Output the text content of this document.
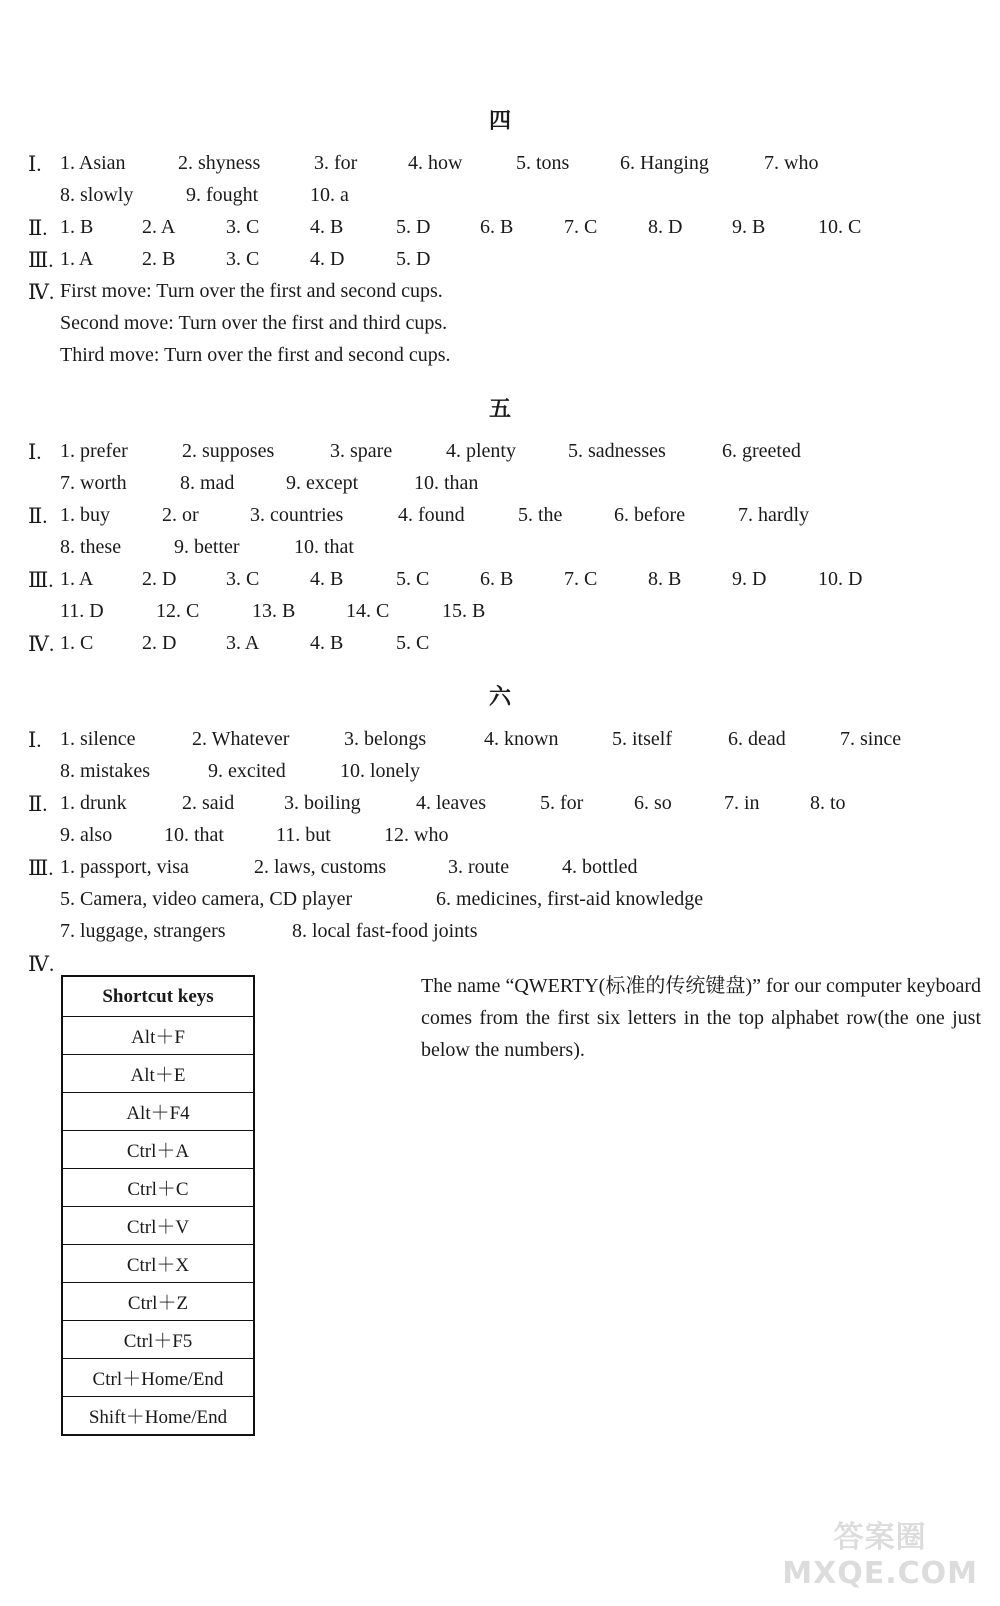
四
Ⅰ. 1. Asian	2. shyness	3. for	4. how	5. tons	6. Hanging	7. who
8. slowly	9. fought	10. a
Ⅱ. 1. B 2. A	3. C	4. B	5. D 6. B	7. C	8. D 9. B	10. C
Ⅲ. 1. A 2. B	3. C	4. D	5. D
Ⅳ. First move: Turn over the first and second cups.
Second move: Turn over the first and third cups.
Third move: Turn over the first and second cups.
五
Ⅰ. 1. prefer	2. supposes	3. spare	4. plenty	5. sadnesses	6. greeted
7. worth	8. mad	9. except	10. than
Ⅱ. 1. buy	2. or	3. countries	4. found	5. the	6. before	7. hardly
8. these	9. better	10. that
Ⅲ. 1. A 2. D 3. C	4. B	5. C	6. B	7. C	8. B	9. D	10. D
11. D	12. C	13. B	14. C	15. B
Ⅳ. 1. C 2. D 3. A	4. B	5. C
六
Ⅰ. 1. silence	2. Whatever	3. belongs	4. known	5. itself	6. dead	7. since
8. mistakes	9. excited	10. lonely
Ⅱ. 1. drunk	2. said 3. boiling	4. leaves	5. for	6. so	7. in	8. to
9. also	10. that	11. but	12. who
Ⅲ. 1. passport, visa	2. laws, customs	3. route	4. bottled
5. Camera, video camera, CD player	6. medicines, first-aid knowledge
7. luggage, strangers	8. local fast-food joints
Ⅳ.
Shortcut keys
Alt＋F
Alt＋E
Alt＋F4
Ctrl＋A
Ctrl＋C
Ctrl＋V
Ctrl＋X
Ctrl＋Z
Ctrl＋F5
Ctrl＋Home/End
Shift＋Home/End
The name “QWERTY(标准的传统键盘)” for our computer keyboard comes from the first six letters in the top alphabet row(the one just below the numbers).
答案圈
MXQE.COM
